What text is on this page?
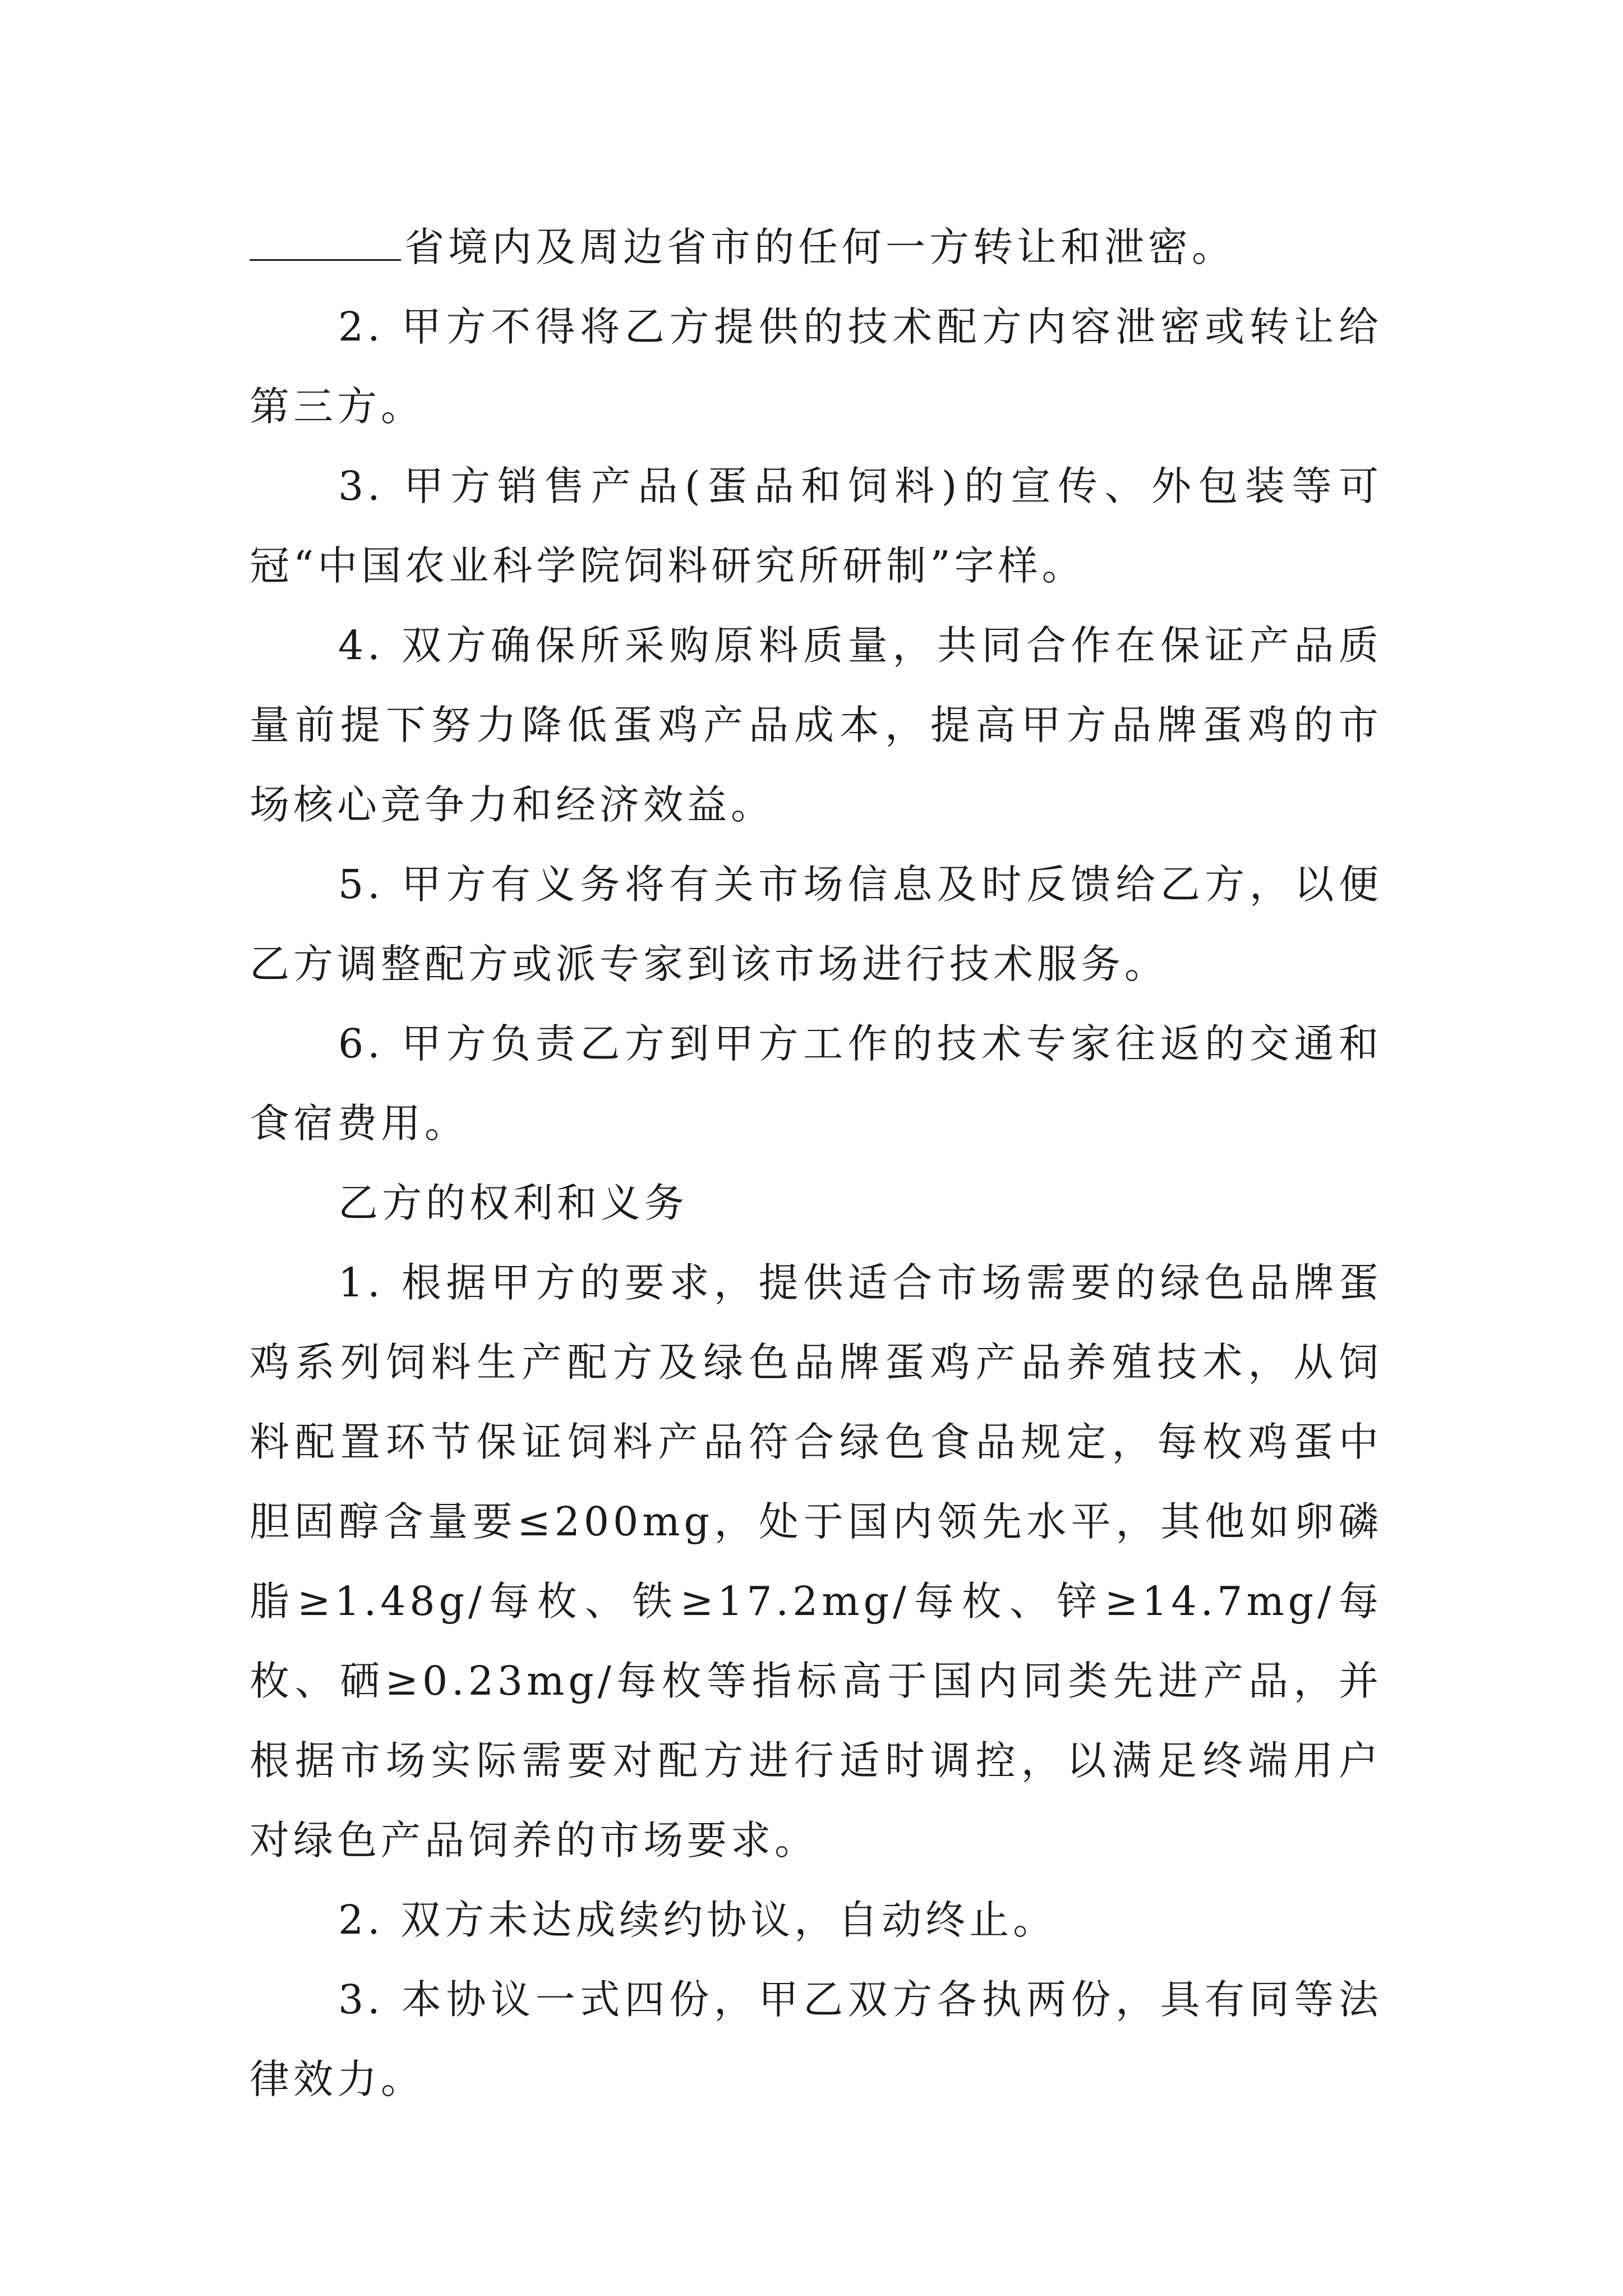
省境内及周边省市的任何一方转让和泄密。

2. 甲方不得将乙方提供的技术配方内容泄密或转让给第三方。

3. 甲方销售产品(蛋品和饲料)的宣传、外包装等可冠“中国农业科学院饲料研究所研制”字样。

4. 双方确保所采购原料质量，共同合作在保证产品质量前提下努力降低蛋鸡产品成本，提高甲方品牌蛋鸡的市场核心竞争力和经济效益。

5. 甲方有义务将有关市场信息及时反馈给乙方，以便乙方调整配方或派专家到该市场进行技术服务。

6. 甲方负责乙方到甲方工作的技术专家往返的交通和食宿费用。

乙方的权利和义务

1. 根据甲方的要求，提供适合市场需要的绿色品牌蛋鸡系列饲料生产配方及绿色品牌蛋鸡产品养殖技术，从饲料配置环节保证饲料产品符合绿色食品规定，每枚鸡蛋中胆固醇含量要≤200mg，处于国内领先水平，其他如卵磷脂≥1.48g/每枚、铁≥17.2mg/每枚、锌≥14.7mg/每枚、硒≥0.23mg/每枚等指标高于国内同类先进产品，并根据市场实际需要对配方进行适时调控，以满足终端用户对绿色产品饲养的市场要求。

2. 双方未达成续约协议，自动终止。

3. 本协议一式四份，甲乙双方各执两份，具有同等法律效力。
